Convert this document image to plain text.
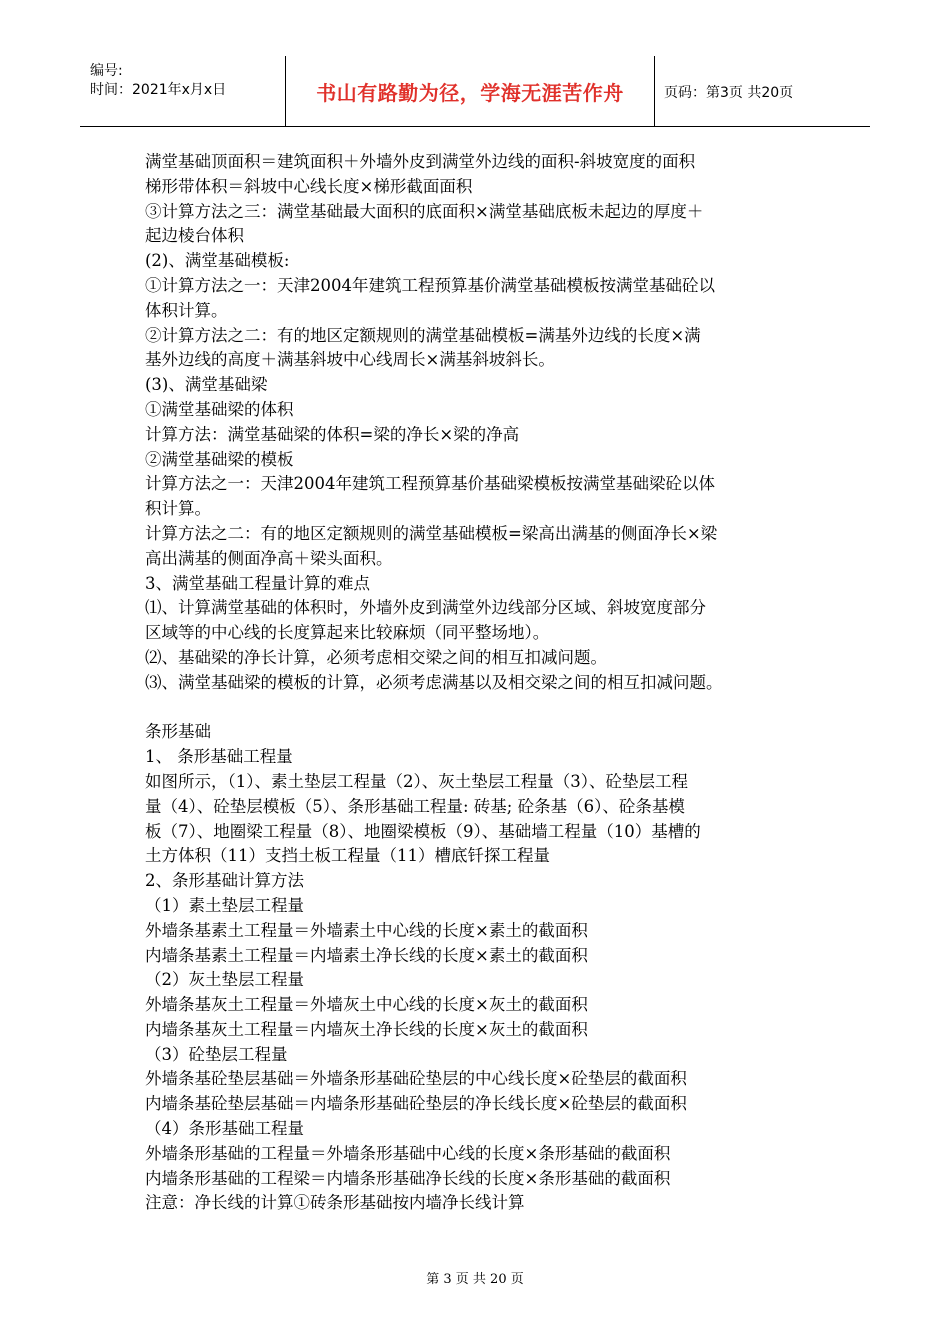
编号:
时间：2021年x月x日	书山有路勤为径，学海无涯苦作舟	页码：第3页 共20页
满堂基础顶面积＝建筑面积＋外墙外皮到满堂外边线的面积-斜坡宽度的面积
梯形带体积＝斜坡中心线长度×梯形截面面积
③计算方法之三：满堂基础最大面积的底面积×满堂基础底板未起边的厚度＋
起边棱台体积
(2)、满堂基础模板:
①计算方法之一：天津2004年建筑工程预算基价满堂基础模板按满堂基础砼以
体积计算。
②计算方法之二：有的地区定额规则的满堂基础模板=满基外边线的长度×满
基外边线的高度＋满基斜坡中心线周长×满基斜坡斜长。
(3)、满堂基础梁
①满堂基础梁的体积
计算方法：满堂基础梁的体积=梁的净长×梁的净高
②满堂基础梁的模板
计算方法之一：天津2004年建筑工程预算基价基础梁模板按满堂基础梁砼以体
积计算。
计算方法之二：有的地区定额规则的满堂基础模板=梁高出满基的侧面净长×梁
高出满基的侧面净高＋梁头面积。
3、满堂基础工程量计算的难点
⑴、计算满堂基础的体积时，外墙外皮到满堂外边线部分区域、斜坡宽度部分
区域等的中心线的长度算起来比较麻烦（同平整场地）。
⑵、基础梁的净长计算，必须考虑相交梁之间的相互扣减问题。
⑶、满堂基础梁的模板的计算，必须考虑满基以及相交梁之间的相互扣减问题。
条形基础
1、 条形基础工程量
如图所示，（1）、素土垫层工程量（2）、灰土垫层工程量（3）、砼垫层工程
量（4）、砼垫层模板（5）、条形基础工程量: 砖基; 砼条基（6）、砼条基模
板（7）、地圈梁工程量（8）、地圈梁模板（9）、基础墙工程量（10）基槽的
土方体积（11）支挡土板工程量（11）槽底钎探工程量
2、条形基础计算方法
（1）素土垫层工程量
外墙条基素土工程量＝外墙素土中心线的长度×素土的截面积
内墙条基素土工程量＝内墙素土净长线的长度×素土的截面积
（2）灰土垫层工程量
外墙条基灰土工程量＝外墙灰土中心线的长度×灰土的截面积
内墙条基灰土工程量＝内墙灰土净长线的长度×灰土的截面积
（3）砼垫层工程量
外墙条基砼垫层基础＝外墙条形基础砼垫层的中心线长度×砼垫层的截面积
内墙条基砼垫层基础＝内墙条形基础砼垫层的净长线长度×砼垫层的截面积
（4）条形基础工程量
外墙条形基础的工程量＝外墙条形基础中心线的长度×条形基础的截面积
内墙条形基础的工程梁＝内墙条形基础净长线的长度×条形基础的截面积
注意：净长线的计算①砖条形基础按内墙净长线计算
第 3 页 共 20 页
